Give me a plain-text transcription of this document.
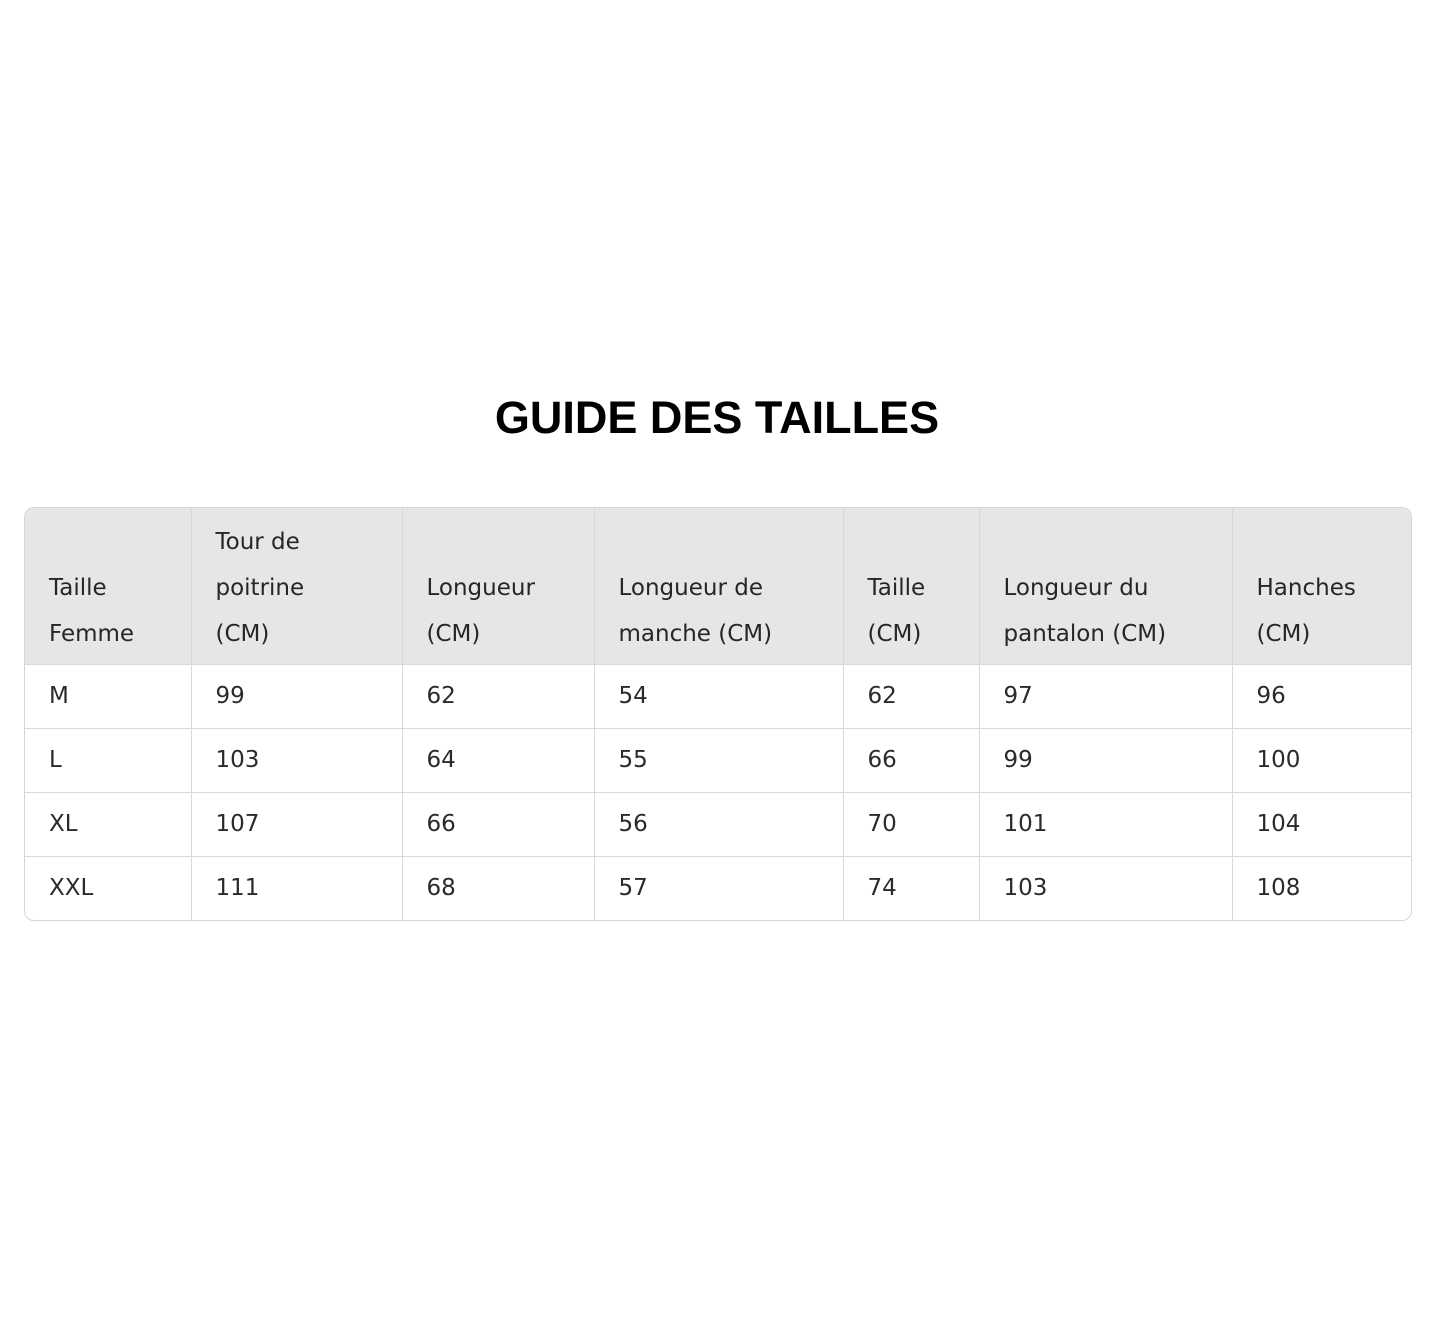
GUIDE DES TAILLES
Taille Femme	Tour de poitrine (CM)	Longueur (CM)	Longueur de manche (CM)	Taille (CM)	Longueur du pantalon (CM)	Hanches (CM)

M	99	62	54	62	97	96
L	103	64	55	66	99	100
XL	107	66	56	70	101	104
XXL	111	68	57	74	103	108
